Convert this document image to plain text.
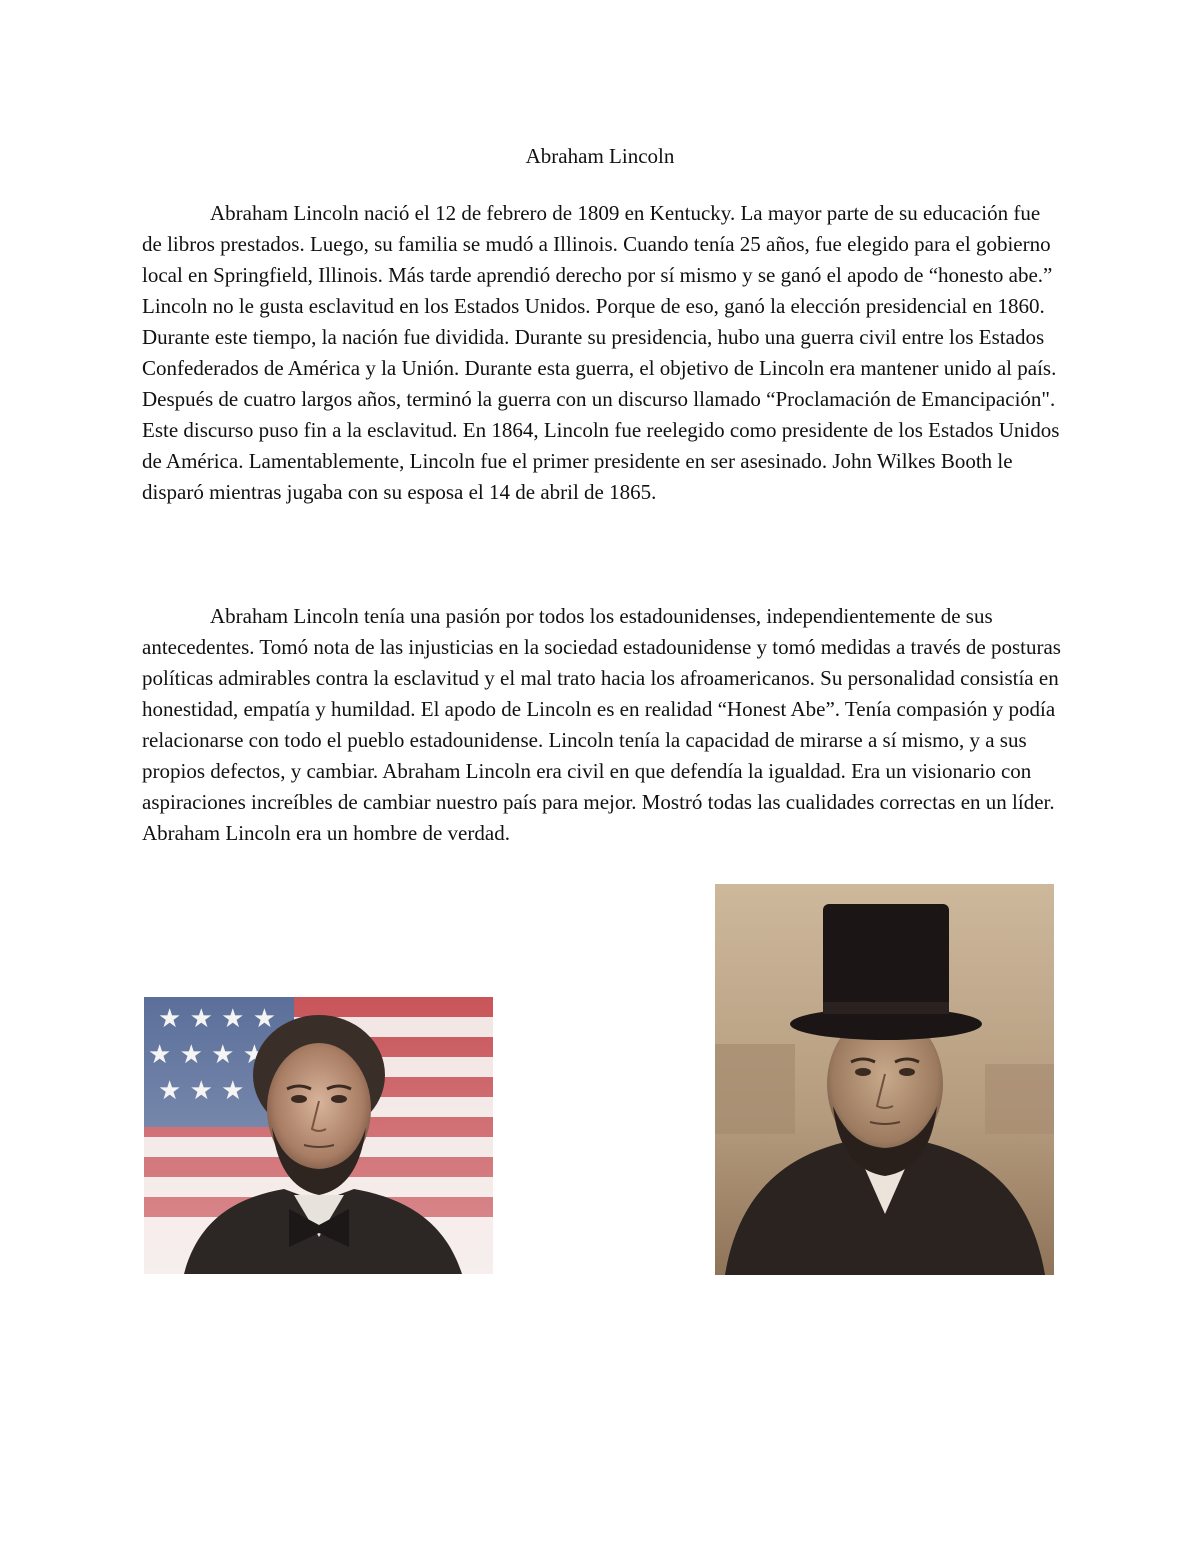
Abraham Lincoln

Abraham Lincoln nació el 12 de febrero de 1809 en Kentucky. La mayor parte de su educación fue de libros prestados. Luego, su familia se mudó a Illinois. Cuando tenía 25 años, fue elegido para el gobierno local en Springfield, Illinois. Más tarde aprendió derecho por sí mismo y se ganó el apodo de “honesto abe.” Lincoln no le gusta esclavitud en los Estados Unidos. Porque de eso, ganó la elección presidencial en 1860. Durante este tiempo, la nación fue dividida. Durante su presidencia, hubo una guerra civil entre los Estados Confederados de América y la Unión. Durante esta guerra, el objetivo de Lincoln era mantener unido al país. Después de cuatro largos años, terminó la guerra con un discurso llamado “Proclamación de Emancipación". Este discurso puso fin a la esclavitud. En 1864, Lincoln fue reelegido como presidente de los Estados Unidos de América. Lamentablemente, Lincoln fue el primer presidente en ser asesinado. John Wilkes Booth le disparó mientras jugaba con su esposa el 14 de abril de 1865.

Abraham Lincoln tenía una pasión por todos los estadounidenses, independientemente de sus antecedentes. Tomó nota de las injusticias en la sociedad estadounidense y tomó medidas a través de posturas políticas admirables contra la esclavitud y el mal trato hacia los afroamericanos. Su personalidad consistía en honestidad, empatía y humildad. El apodo de Lincoln es en realidad “Honest Abe”. Tenía compasión y podía relacionarse con todo el pueblo estadounidense. Lincoln tenía la capacidad de mirarse a sí mismo, y a sus propios defectos, y cambiar. Abraham Lincoln era civil en que defendía la igualdad. Era un visionario con aspiraciones increíbles de cambiar nuestro país para mejor. Mostró todas las cualidades correctas en un líder. Abraham Lincoln era un hombre de verdad.
